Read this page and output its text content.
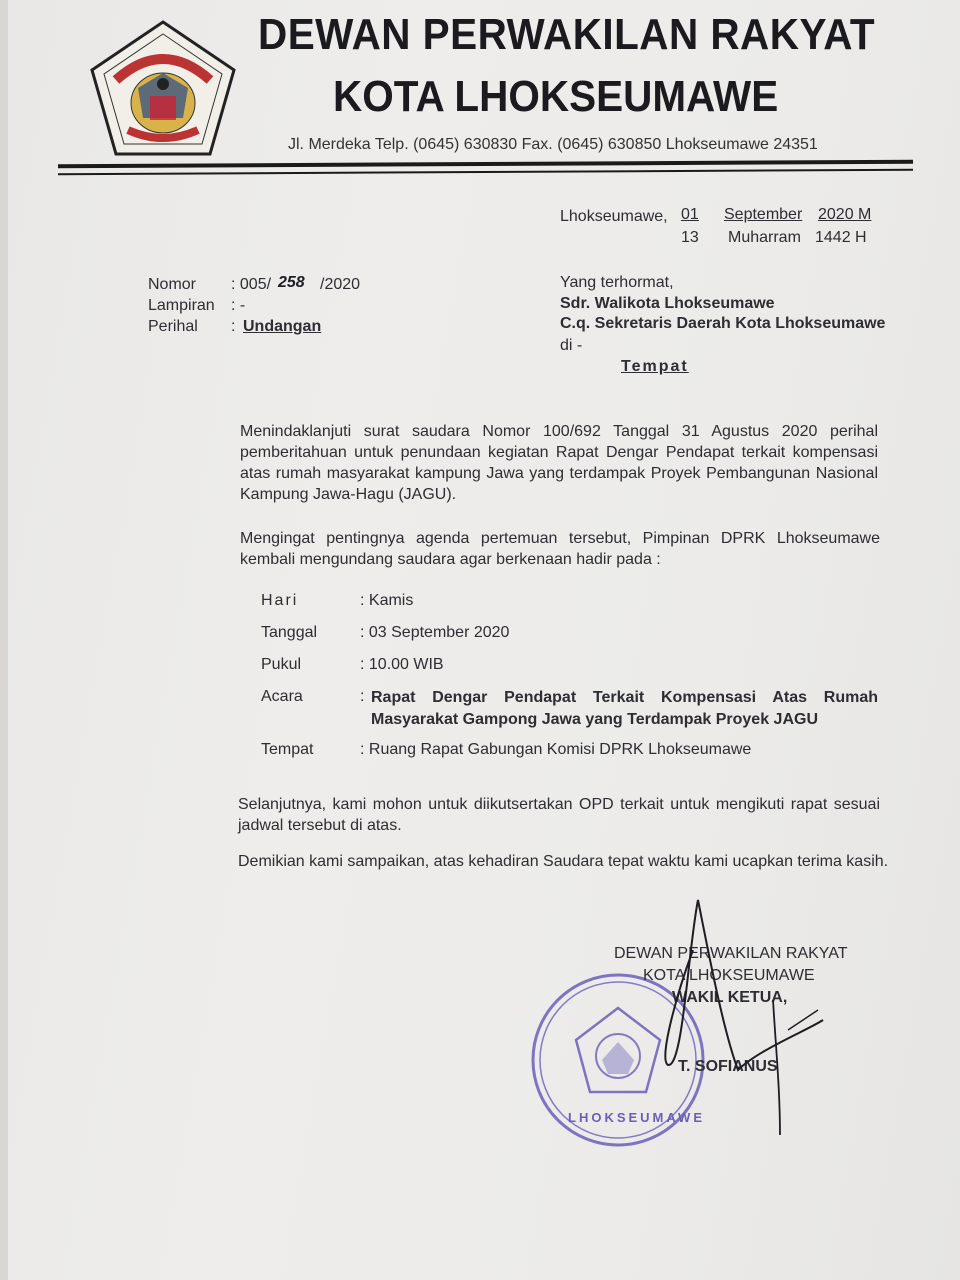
DEWAN PERWAKILAN RAKYAT
KOTA LHOKSEUMAWE
Jl. Merdeka Telp. (0645) 630830 Fax. (0645) 630850 Lhokseumawe 24351
Lhokseumawe, 01 September 2020 M
13 Muharram 1442 H
Nomor : 005/ 258 /2020
Lampiran : -
Perihal : Undangan
Yang terhormat,
Sdr. Walikota Lhokseumawe
C.q. Sekretaris Daerah Kota Lhokseumawe
di -
Tempat
Menindaklanjuti surat saudara Nomor 100/692 Tanggal 31 Agustus 2020 perihal pemberitahuan untuk penundaan kegiatan Rapat Dengar Pendapat terkait kompensasi atas rumah masyarakat kampung Jawa yang terdampak Proyek Pembangunan Nasional Kampung Jawa-Hagu (JAGU).
Mengingat pentingnya agenda pertemuan tersebut, Pimpinan DPRK Lhokseumawe kembali mengundang saudara agar berkenaan hadir pada :
Hari	: Kamis
Tanggal	: 03 September 2020
Pukul	: 10.00 WIB
Acara	: Rapat Dengar Pendapat Terkait Kompensasi Atas Rumah
Masyarakat Gampong Jawa yang Terdampak Proyek JAGU
Tempat	: Ruang Rapat Gabungan Komisi DPRK Lhokseumawe
Selanjutnya, kami mohon untuk diikutsertakan OPD terkait untuk mengikuti rapat sesuai jadwal tersebut di atas.
Demikian kami sampaikan, atas kehadiran Saudara tepat waktu kami ucapkan terima kasih.
LHOKSEUMAWE
DEWAN PERWAKILAN RAKYAT
KOTA LHOKSEUMAWE
WAKIL KETUA,
T. SOFIANUS
